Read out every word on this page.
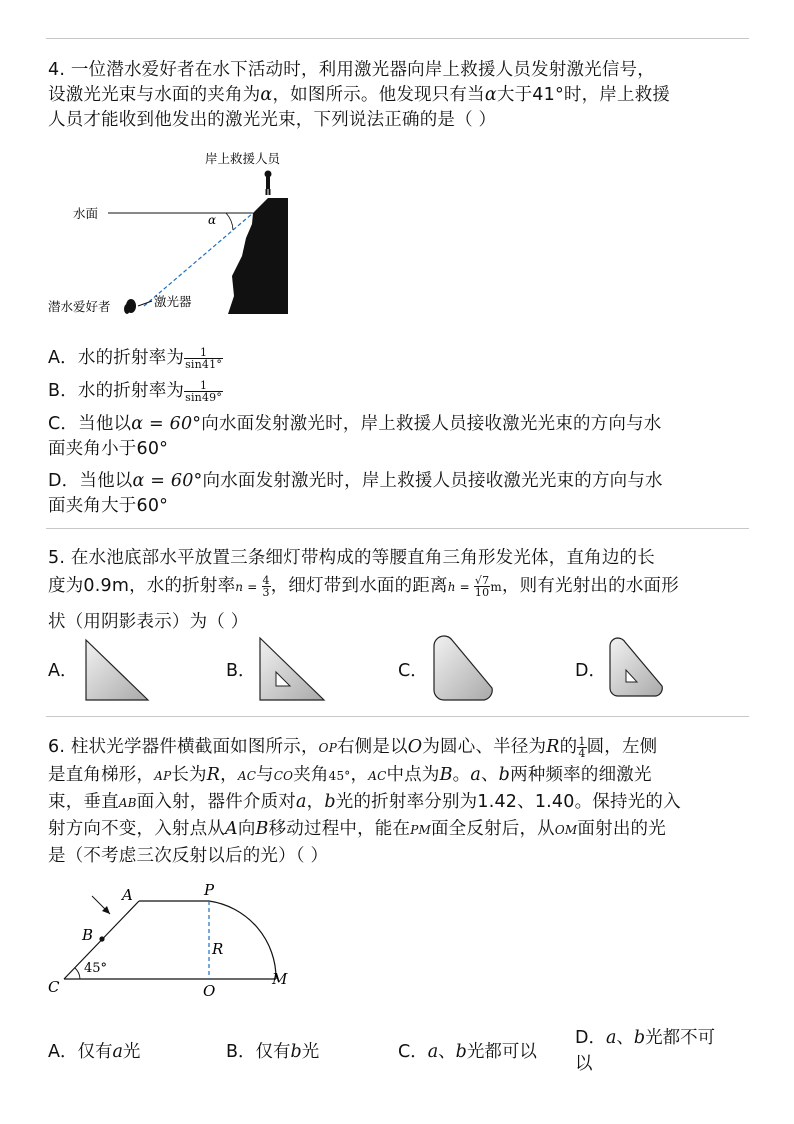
4. 一位潜水爱好者在水下活动时，利用激光器向岸上救援人员发射激光信号，
设激光光束与水面的夹角为α，如图所示。他发现只有当α大于41°时，岸上救援
人员才能收到他发出的激光光束，下列说法正确的是（ ）
岸上救援人员
水面	α
潜水爱好者	激光器
A．水的折射率为 $\frac{1}{\sin 41^\circ}$
B．水的折射率为 $\frac{1}{\sin 49^\circ}$
C．当他以α = 60°向水面发射激光时，岸上救援人员接收激光光束的方向与水
面夹角小于60°
D．当他以α = 60°向水面发射激光时，岸上救援人员接收激光光束的方向与水
面夹角大于60°
5. 在水池底部水平放置三条细灯带构成的等腰直角三角形发光体，直角边的长
度为0.9m，水的折射率$n = \frac{4}{3}$ ，细灯带到水面的距离$h = \frac{√7}{10}$ m，则有光射出的水面形
状（用阴影表示）为（ ）
A．	B．	C．	D．
6. 柱状光学器件横截面如图所示，OP右侧是以O为圆心、半径为R的 $\frac{1}{4}$ 圆，左侧
是直角梯形，AP长为R，AC与CO夹角45°，AC中点为B。a、b两种频率的细激光
束，垂直AB面入射，器件介质对a，b光的折射率分别为1.42、1.40。保持光的入
射方向不变，入射点从A向B移动过程中，能在PM面全反射后，从OM面射出的光
是（不考虑三次反射以后的光）（ ）
P
A
B
R
C	O
M
45°
A．仅有a光	B．仅有b光	C．a、b光都可以
D．a、b光都不可
以
